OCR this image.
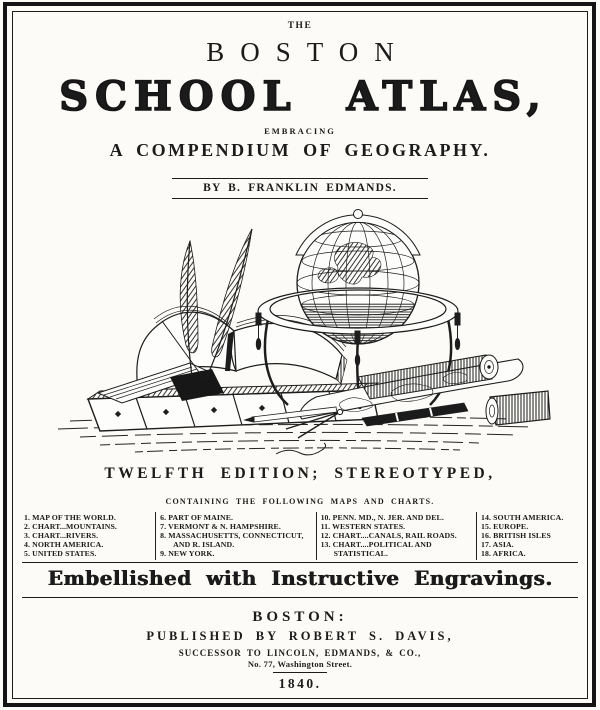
THE
BOSTON
SCHOOL ATLAS,
EMBRACING
A COMPENDIUM OF GEOGRAPHY.
BY B. FRANKLIN EDMANDS.
TWELFTH EDITION; STEREOTYPED,
CONTAINING THE FOLLOWING MAPS AND CHARTS.
1. MAP OF THE WORLD.
2. CHART...MOUNTAINS.
3. CHART...RIVERS.
4. NORTH AMERICA.
5. UNITED STATES.
6. PART OF MAINE.
7. VERMONT & N. HAMPSHIRE.
8. MASSACHUSETTS, CONNECTICUT, AND R. ISLAND.
9. NEW YORK.
10. PENN. MD., N. JER. AND DEL.
11. WESTERN STATES.
12. CHART....CANALS, RAIL ROADS.
13. CHART....POLITICAL AND STATISTICAL.
14. SOUTH AMERICA.
15. EUROPE.
16. BRITISH ISLES
17. ASIA.
18. AFRICA.
Embellished with Instructive Engravings.
BOSTON:
PUBLISHED BY ROBERT S. DAVIS,
SUCCESSOR TO LINCOLN, EDMANDS, & CO.,
No. 77, Washington Street.
1840.
